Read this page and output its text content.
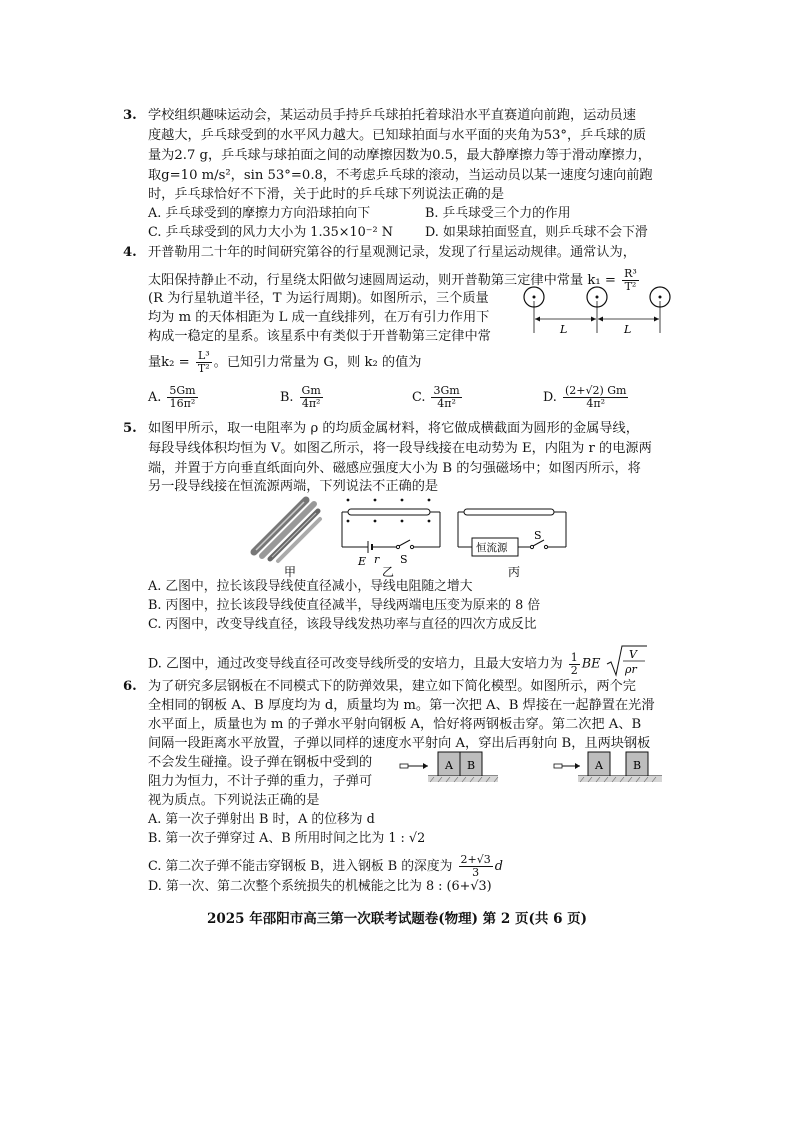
3. 学校组织趣味运动会，某运动员手持乒乓球拍托着球沿水平直赛道向前跑，运动员速
度越大，乒乓球受到的水平风力越大。已知球拍面与水平面的夹角为53°，乒乓球的质
量为2.7 g，乒乓球与球拍面之间的动摩擦因数为0.5，最大静摩擦力等于滑动摩擦力，
取g=10 m/s²，sin 53°=0.8，不考虑乒乓球的滚动，当运动员以某一速度匀速向前跑
时，乒乓球恰好不下滑，关于此时的乒乓球下列说法正确的是
A. 乒乓球受到的摩擦力方向沿球拍向下	B. 乒乓球受三个力的作用
C. 乒乓球受到的风力大小为 1.35×10⁻² N	D. 如果球拍面竖直，则乒乓球不会下滑
4. 开普勒用二十年的时间研究第谷的行星观测记录，发现了行星运动规律。通常认为，
太阳保持静止不动，行星绕太阳做匀速圆周运动，则开普勒第三定律中常量 $k_1 = \frac{\text{R³}}{\text{T²}}$
(R 为行星轨道半径，T 为运行周期)。如图所示，三个质量
均为 m 的天体相距为 L 成一直线排列，在万有引力作用下
构成一稳定的星系。该星系中有类似于开普勒第三定律中常
量$k_2 = \frac{\text{L³}}{\text{T²}}$ 。已知引力常量为 G，则 k₂ 的值为
L	L
A. $\frac{5Gm}{\text{16π²}}$	B. $\frac{Gm}{\text{4π²}}$	C. $\frac{3Gm}{\text{4π²}}$	D. $\frac{(2+√2) Gm}{\text{4π²}}$
5. 如图甲所示，取一电阻率为 ρ 的均质金属材料，将它做成横截面为圆形的金属导线，
每段导线体积均恒为 V。如图乙所示，将一段导线接在电动势为 E，内阻为 r 的电源两
端，并置于方向垂直纸面向外、磁感应强度大小为 B 的匀强磁场中；如图丙所示，将
另一段导线接在恒流源两端，下列说法不正确的是
甲
E r S
乙
恒流源
S
丙
A. 乙图中，拉长该段导线使直径减小，导线电阻随之增大
B. 丙图中，拉长该段导线使直径减半，导线两端电压变为原来的 8 倍
C. 丙图中，改变导线直径，该段导线发热功率与直径的四次方成反比
D. 乙图中，通过改变导线直径可改变导线所受的安培力，且最大安培力为 $\frac{1}{2}$ BE
V
ρr
6. 为了研究多层钢板在不同模式下的防弹效果，建立如下简化模型。如图所示，两个完
全相同的钢板 A、B 厚度均为 d，质量均为 m。第一次把 A、B 焊接在一起静置在光滑
水平面上，质量也为 m 的子弹水平射向钢板 A，恰好将两钢板击穿。第二次把 A、B
间隔一段距离水平放置，子弹以同样的速度水平射向 A，穿出后再射向 B，且两块钢板
不会发生碰撞。设子弹在钢板中受到的
阻力为恒力，不计子弹的重力，子弹可
视为质点。下列说法正确的是
A B	A	B
A. 第一次子弹射出 B 时，A 的位移为 d
B. 第一次子弹穿过 A、B 所用时间之比为 1 : √2
C. 第二次子弹不能击穿钢板 B，进入钢板 B 的深度为 $\frac{2+√3}{3}$ d
D. 第一次、第二次整个系统损失的机械能之比为 8 : (6+√3)
2025 年邵阳市高三第一次联考试题卷(物理) 第 2 页(共 6 页)
